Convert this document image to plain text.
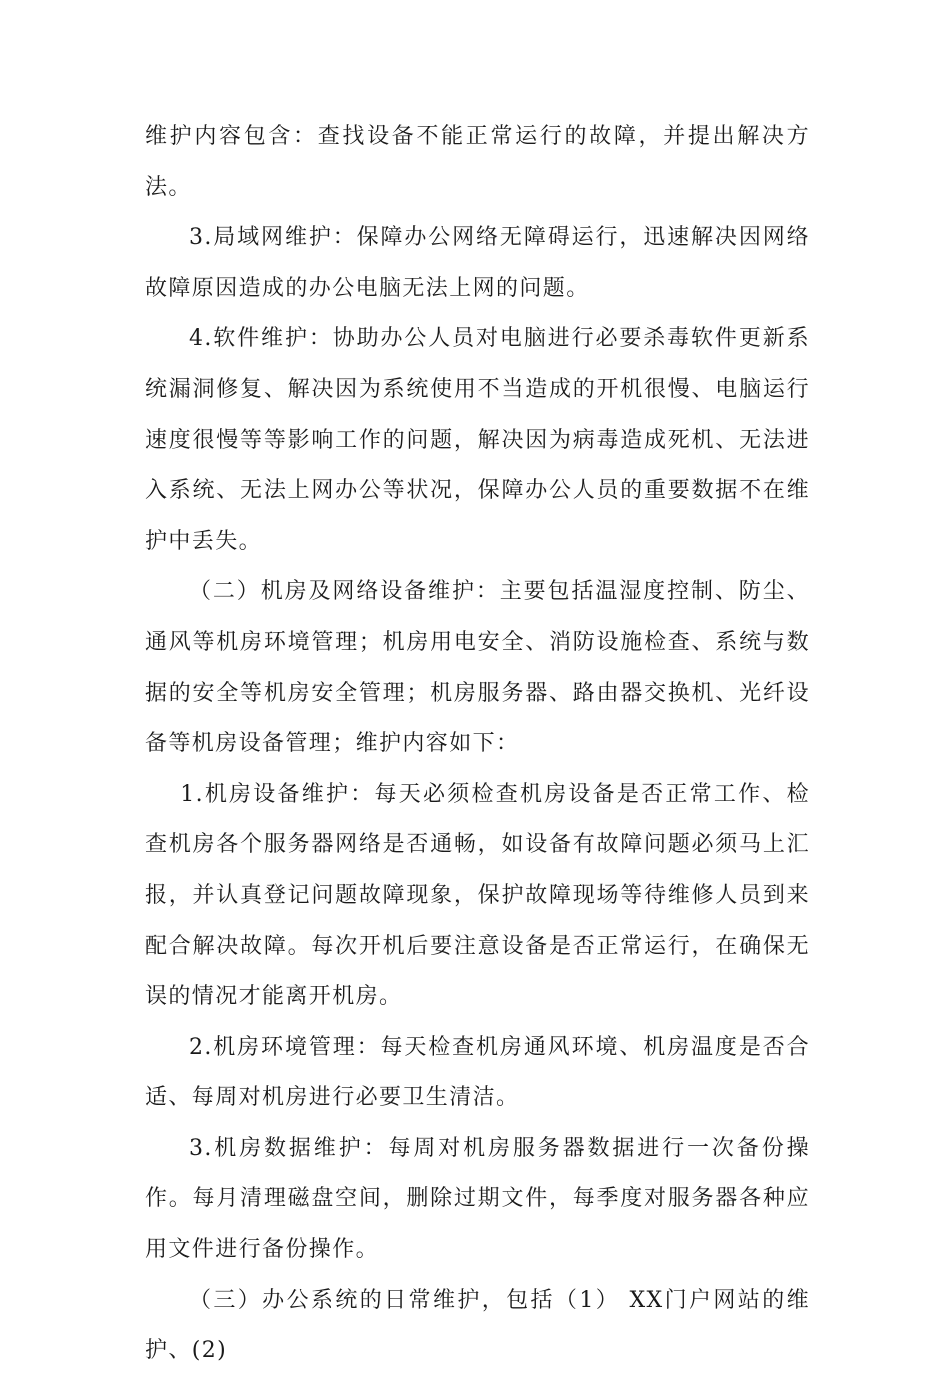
维护内容包含：查找设备不能正常运行的故障，并提出解决方法。

3.局域网维护：保障办公网络无障碍运行，迅速解决因网络故障原因造成的办公电脑无法上网的问题。

4.软件维护：协助办公人员对电脑进行必要杀毒软件更新系统漏洞修复、解决因为系统使用不当造成的开机很慢、电脑运行速度很慢等等影响工作的问题，解决因为病毒造成死机、无法进入系统、无法上网办公等状况，保障办公人员的重要数据不在维护中丢失。

（二）机房及网络设备维护：主要包括温湿度控制、防尘、通风等机房环境管理；机房用电安全、消防设施检查、系统与数据的安全等机房安全管理；机房服务器、路由器交换机、光纤设备等机房设备管理；维护内容如下：

1.机房设备维护：每天必须检查机房设备是否正常工作、检查机房各个服务器网络是否通畅，如设备有故障问题必须马上汇报，并认真登记问题故障现象，保护故障现场等待维修人员到来配合解决故障。每次开机后要注意设备是否正常运行，在确保无误的情况才能离开机房。

2.机房环境管理：每天检查机房通风环境、机房温度是否合适、每周对机房进行必要卫生清洁。

3.机房数据维护：每周对机房服务器数据进行一次备份操作。每月清理磁盘空间，删除过期文件，每季度对服务器各种应用文件进行备份操作。

（三）办公系统的日常维护，包括（1） XX门户网站的维护、(2)
